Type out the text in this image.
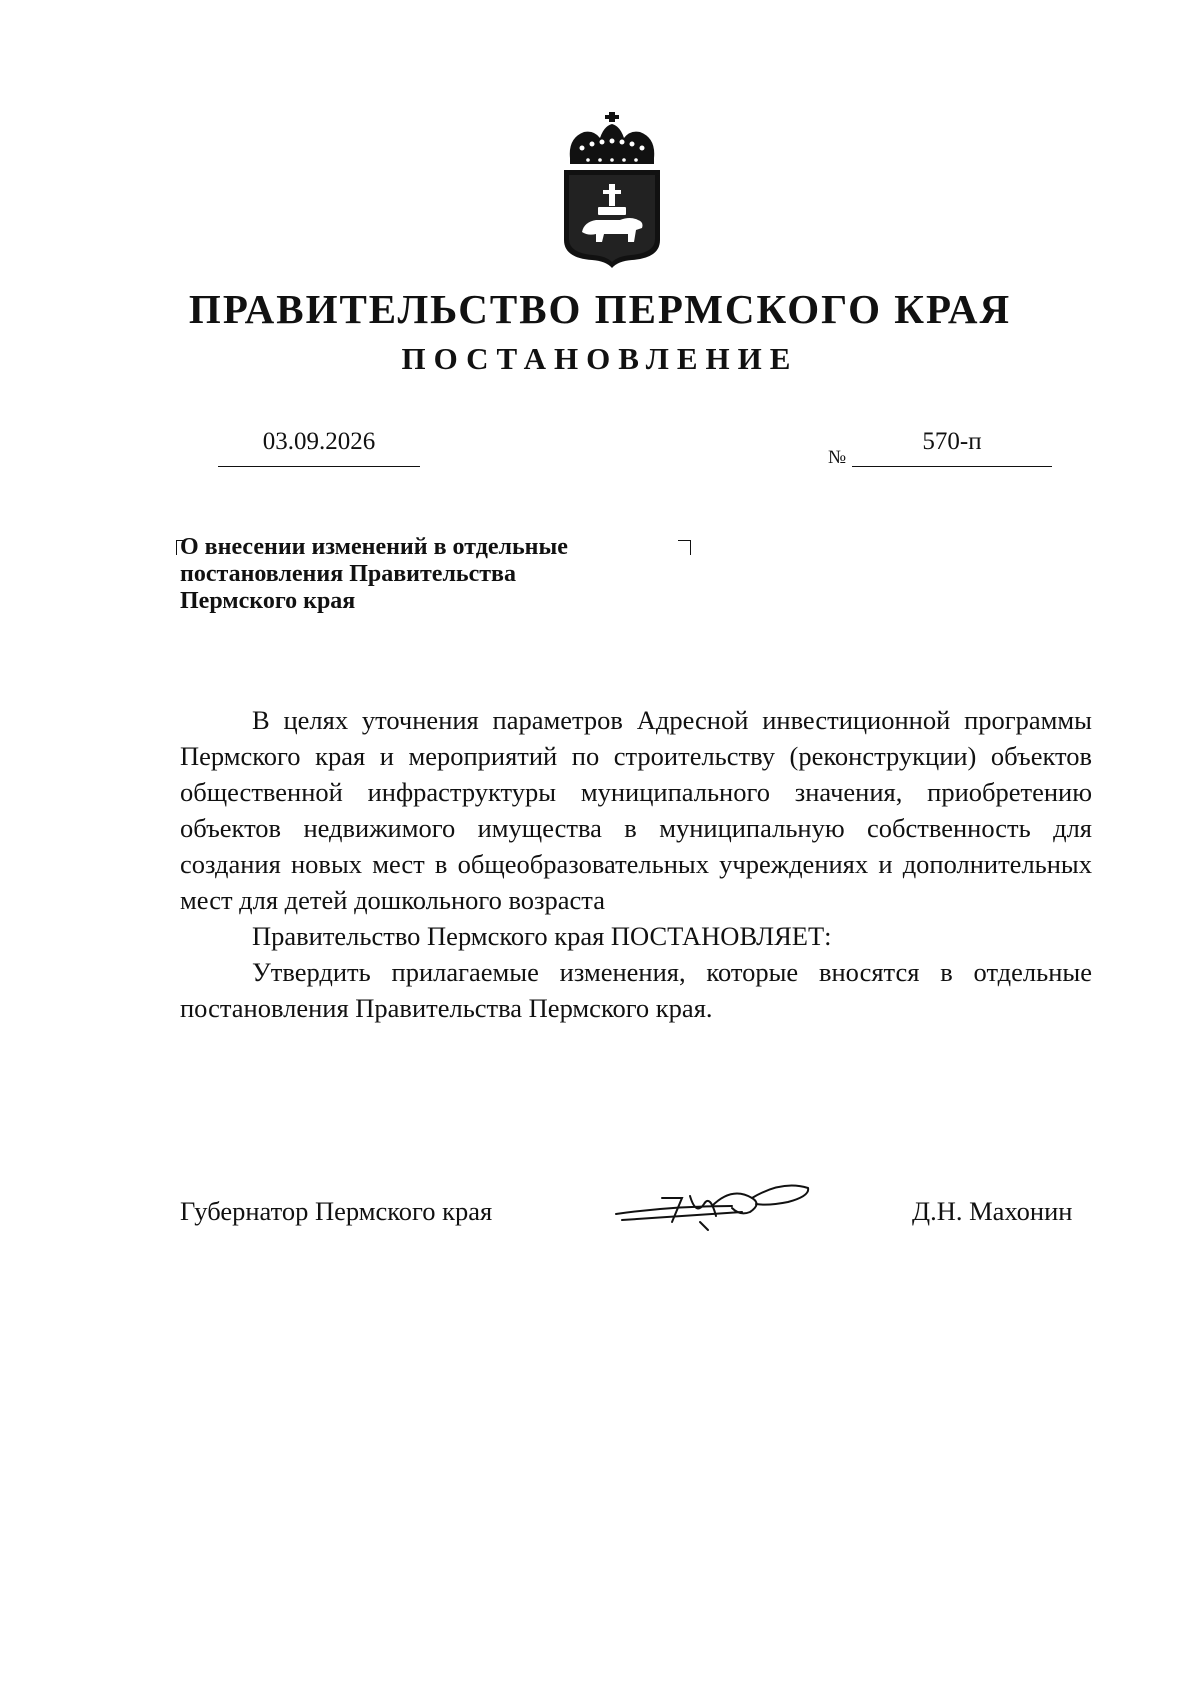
ПРАВИТЕЛЬСТВО ПЕРМСКОГО КРАЯ
ПОСТАНОВЛЕНИЕ
03.09.2026
№
570-п
О внесении изменений в отдельные
постановления Правительства
Пермского края

В целях уточнения параметров Адресной инвестиционной программы Пермского края и мероприятий по строительству (реконструкции) объектов общественной инфраструктуры муниципального значения, приобретению объектов недвижимого имущества в муниципальную собственность для создания новых мест в общеобразовательных учреждениях и дополнительных мест для детей дошкольного возраста

Правительство Пермского края ПОСТАНОВЛЯЕТ:

Утвердить прилагаемые изменения, которые вносятся в отдельные постановления Правительства Пермского края.

Губернатор Пермского края	Д.Н. Махонин
